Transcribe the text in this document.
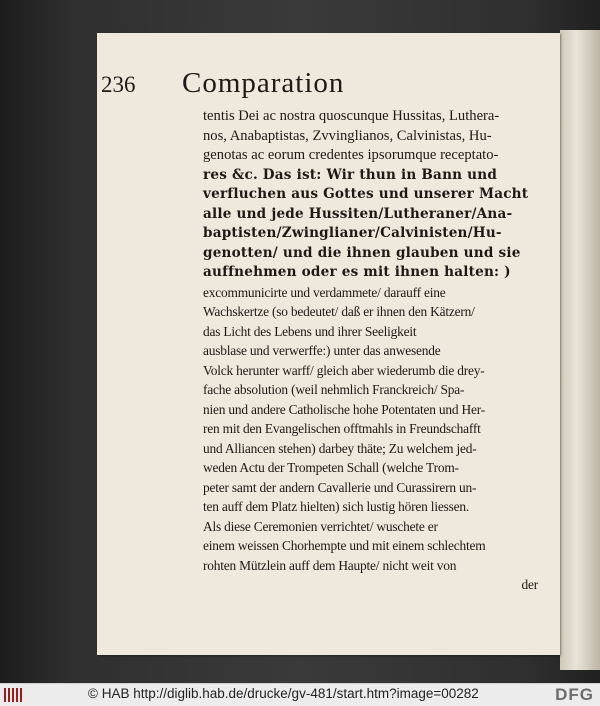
236 Comparation
tentis Dei ac nostra quoscunque Hussitas, Luthera-
nos, Anabaptistas, Zvvinglianos, Calvinistas, Hu-
genotas ac eorum credentes ipsorumque receptato-
res &c. Das ist: Wir thun in Bann und
verfluchen aus Gottes und unserer Macht
alle und jede Hussiten/Lutheraner/Ana-
baptisten/Zwinglianer/Calvinisten/Hu-
genotten/ und die ihnen glauben und sie
auffnehmen oder es mit ihnen halten: )
excommunicirte und verdammete/ darauff eine
Wachskertze (so bedeutet/ daß er ihnen den Kätzern/
das Licht des Lebens und ihrer Seeligkeit
ausblase und verwerffe:) unter das anwesende
Volck herunter warff/ gleich aber wiederumb die drey-
fache absolution (weil nehmlich Franckreich/ Spa-
nien und andere Catholische hohe Potentaten und Her-
ren mit den Evangelischen offtmahls in Freundschafft
und Alliancen stehen) darbey thäte; Zu welchem jed-
weden Actu der Trompeten Schall (welche Trom-
peter samt der andern Cavallerie und Curassirern un-
ten auff dem Platz hielten) sich lustig hören liessen.
Als diese Ceremonien verrichtet/ wuschete er
einem weissen Chorhempte und mit einem schlechtem
rohten Mützlein auff dem Haupte/ nicht weit von
der
© HAB http://diglib.hab.de/drucke/gv-481/start.htm?image=00282	DFG
